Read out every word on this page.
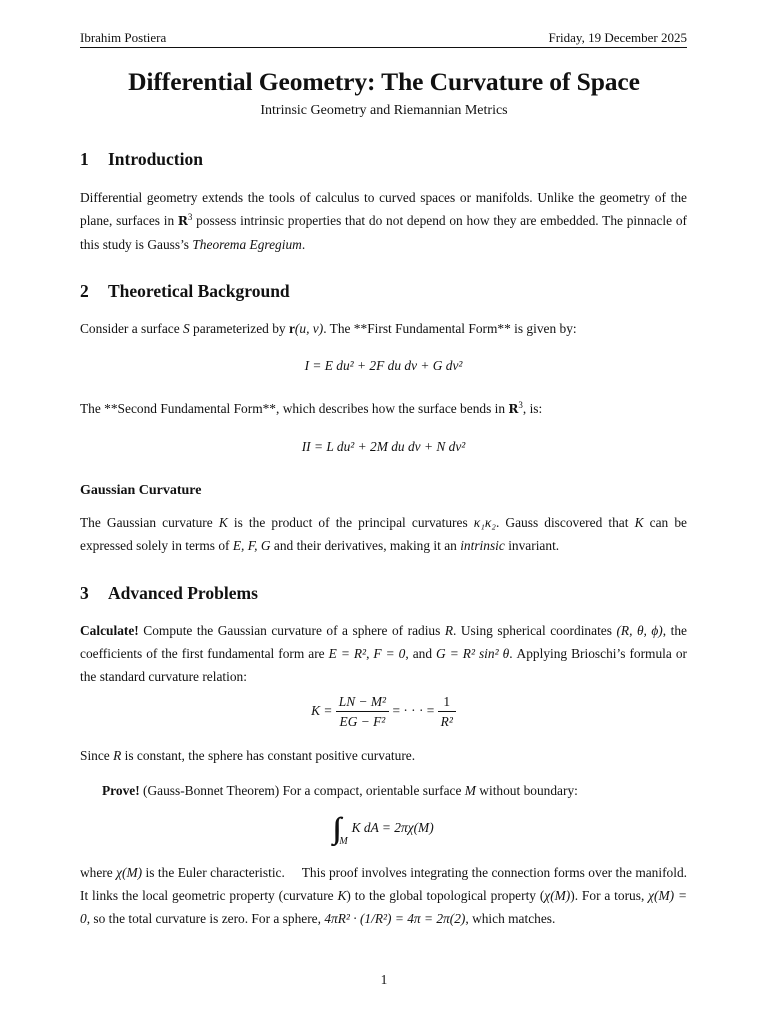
Ibrahim Postiera	Friday, 19 December 2025
Differential Geometry: The Curvature of Space
Intrinsic Geometry and Riemannian Metrics
1 Introduction
Differential geometry extends the tools of calculus to curved spaces or manifolds. Unlike the geometry of the plane, surfaces in $R^3$ possess intrinsic properties that do not depend on how they are embedded. The pinnacle of this study is Gauss’s Theorema Egregium.
2 Theoretical Background
Consider a surface S parameterized by r(u, v). The **First Fundamental Form** is given by:
I = E du² + 2F du dv + G dv²
The **Second Fundamental Form**, which describes how the surface bends in $R^3$, is:
II = L du² + 2M du dv + N dv²
Gaussian Curvature
The Gaussian curvature K is the product of the principal curvatures κ₁κ₂. Gauss discovered that K can be expressed solely in terms of E, F, G and their derivatives, making it an intrinsic invariant.
3 Advanced Problems
Calculate! Compute the Gaussian curvature of a sphere of radius R. Using spherical coordinates (R, θ, ϕ), the coefficients of the first fundamental form are E = R², F = 0, and G = R² sin² θ. Applying Brioschi’s formula or the standard curvature relation:
$K = \frac{\text{LN − M²}}{\text{EG − F²}}$ = · · · = $\frac{1}{\text{R²}}$
Since R is constant, the sphere has constant positive curvature.
Prove! (Gauss-Bonnet Theorem) For a compact, orientable surface M without boundary:
$_M$K dA = 2πχ(M)
where χ(M) is the Euler characteristic.     This proof involves integrating the connection forms over the manifold. It links the local geometric property (curvature K) to the global topological property (χ(M)). For a torus, χ(M) = 0, so the total curvature is zero. For a sphere, 4πR² · (1/R²) = 4π = 2π(2), which matches.
1
